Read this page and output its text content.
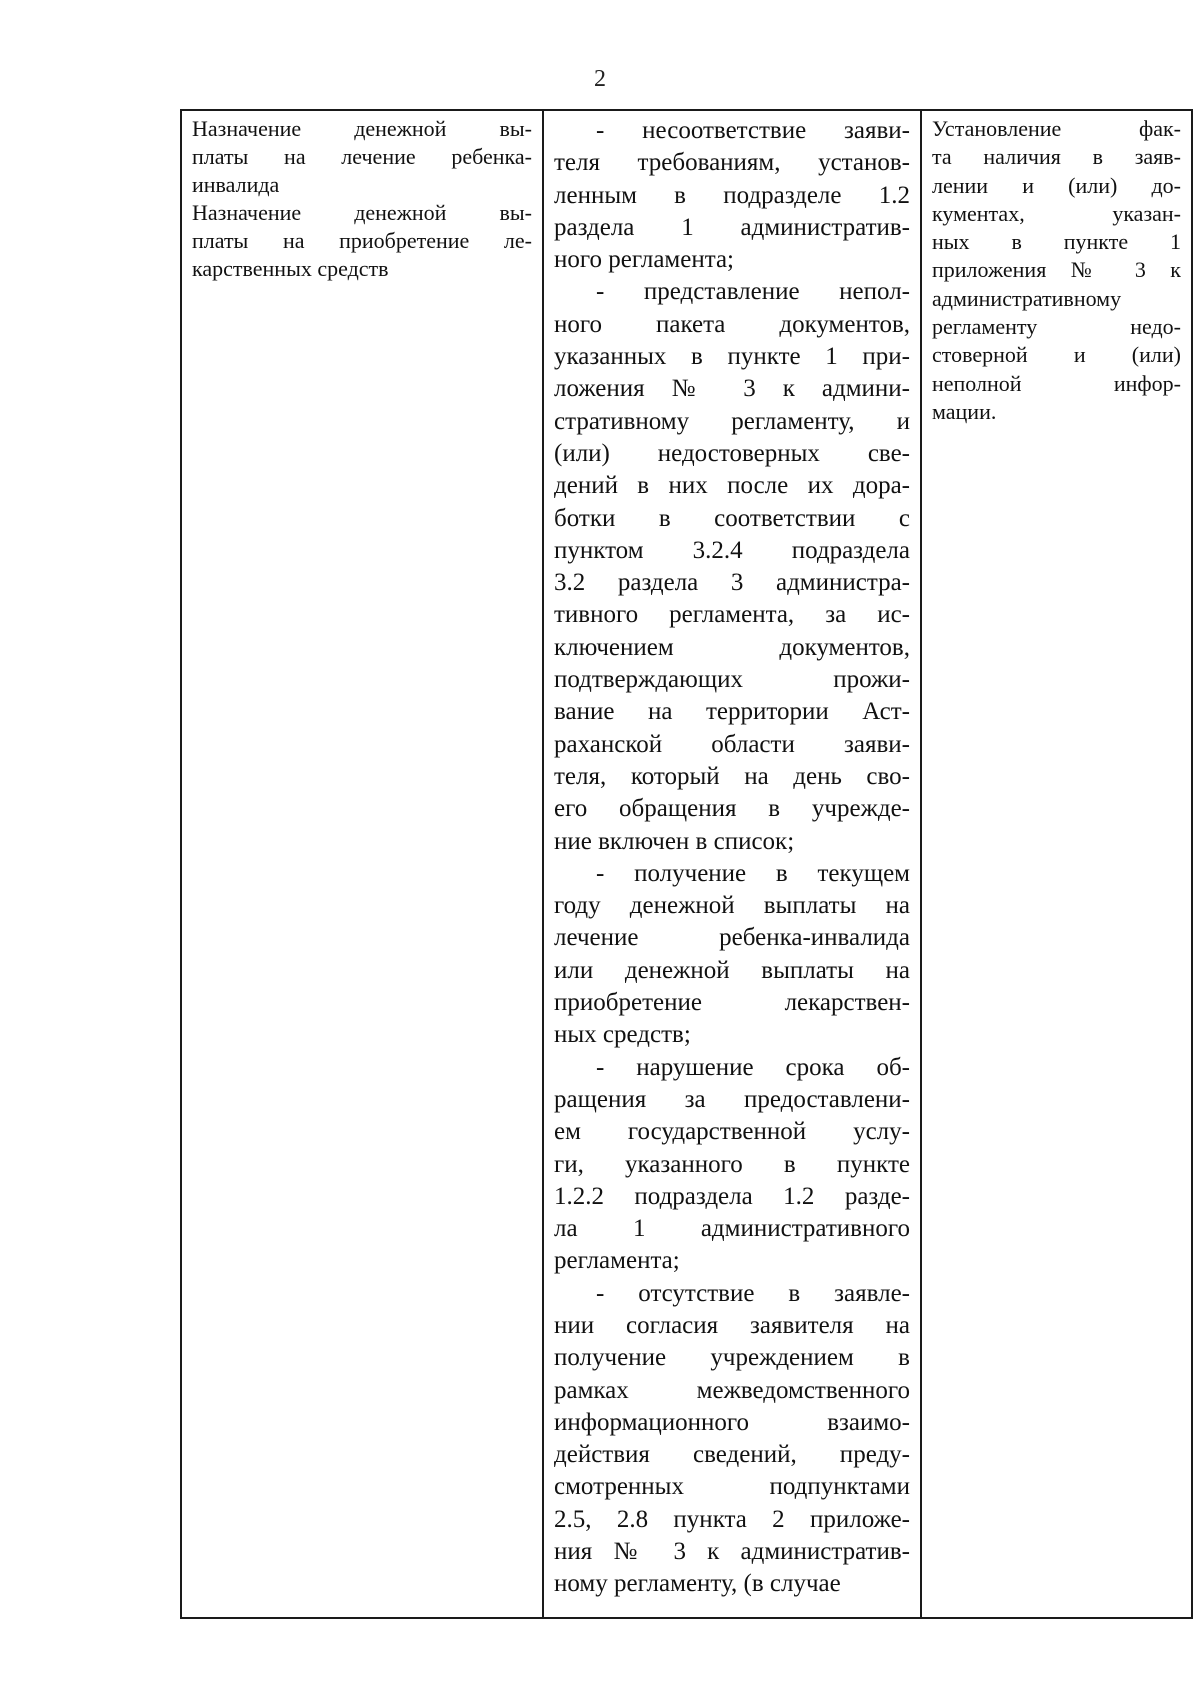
2
Назначение денежной вы-
платы на лечение ребенка-
инвалида
Назначение денежной вы-
платы на приобретение ле-
карственных средств

- несоответствие заяви-
теля требованиям, установ-
ленным в подразделе 1.2
раздела 1 административ-
ного регламента;
- представление непол-
ного пакета документов,
указанных в пункте 1 при-
ложения № 3 к админи-
стративному регламенту, и
(или) недостоверных све-
дений в них после их дора-
ботки в соответствии с
пунктом 3.2.4 подраздела
3.2 раздела 3 администра-
тивного регламента, за ис-
ключением документов,
подтверждающих прожи-
вание на территории Аст-
раханской области заяви-
теля, который на день сво-
его обращения в учрежде-
ние включен в список;
- получение в текущем
году денежной выплаты на
лечение ребенка-инвалида
или денежной выплаты на
приобретение лекарствен-
ных средств;
- нарушение срока об-
ращения за предоставлени-
ем государственной услу-
ги, указанного в пункте
1.2.2 подраздела 1.2 разде-
ла 1 административного
регламента;
- отсутствие в заявле-
нии согласия заявителя на
получение учреждением в
рамках межведомственного
информационного взаимо-
действия сведений, преду-
смотренных подпунктами
2.5, 2.8 пункта 2 приложе-
ния № 3 к административ-
ному регламенту, (в случае

Установление фак-
та наличия в заяв-
лении и (или) до-
кументах, указан-
ных в пункте 1
приложения № 3 к
административному
регламенту недо-
стоверной и (или)
неполной инфор-
мации.
